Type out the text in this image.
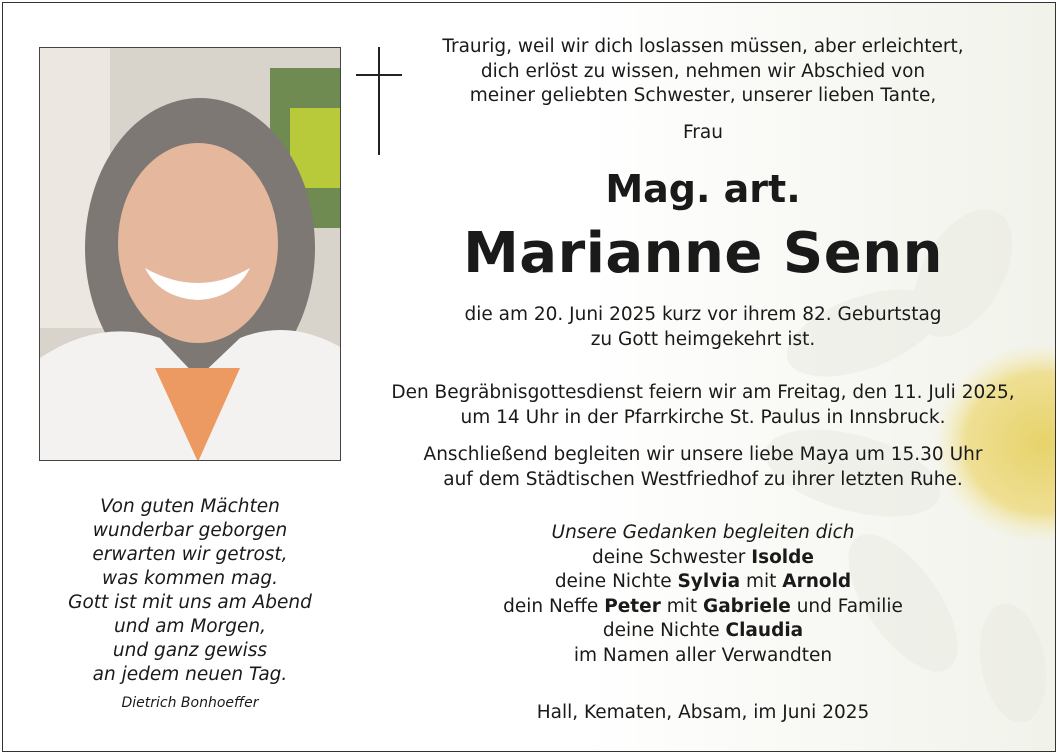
Traurig, weil wir dich loslassen müssen, aber erleichtert,
dich erlöst zu wissen, nehmen wir Abschied von
meiner geliebten Schwester, unserer lieben Tante,
Frau
Mag. art.
Marianne Senn
die am 20. Juni 2025 kurz vor ihrem 82. Geburtstag
zu Gott heimgekehrt ist.
Den Begräbnisgottesdienst feiern wir am Freitag, den 11. Juli 2025,
um 14 Uhr in der Pfarrkirche St. Paulus in Innsbruck.
Anschließend begleiten wir unsere liebe Maya um 15.30 Uhr
auf dem Städtischen Westfriedhof zu ihrer letzten Ruhe.
Unsere Gedanken begleiten dich
deine Schwester Isolde
deine Nichte Sylvia mit Arnold
dein Neffe Peter mit Gabriele und Familie
deine Nichte Claudia
im Namen aller Verwandten
Hall, Kematen, Absam, im Juni 2025
Von guten Mächten
wunderbar geborgen
erwarten wir getrost,
was kommen mag.
Gott ist mit uns am Abend
und am Morgen,
und ganz gewiss
an jedem neuen Tag.
Dietrich Bonhoeffer
